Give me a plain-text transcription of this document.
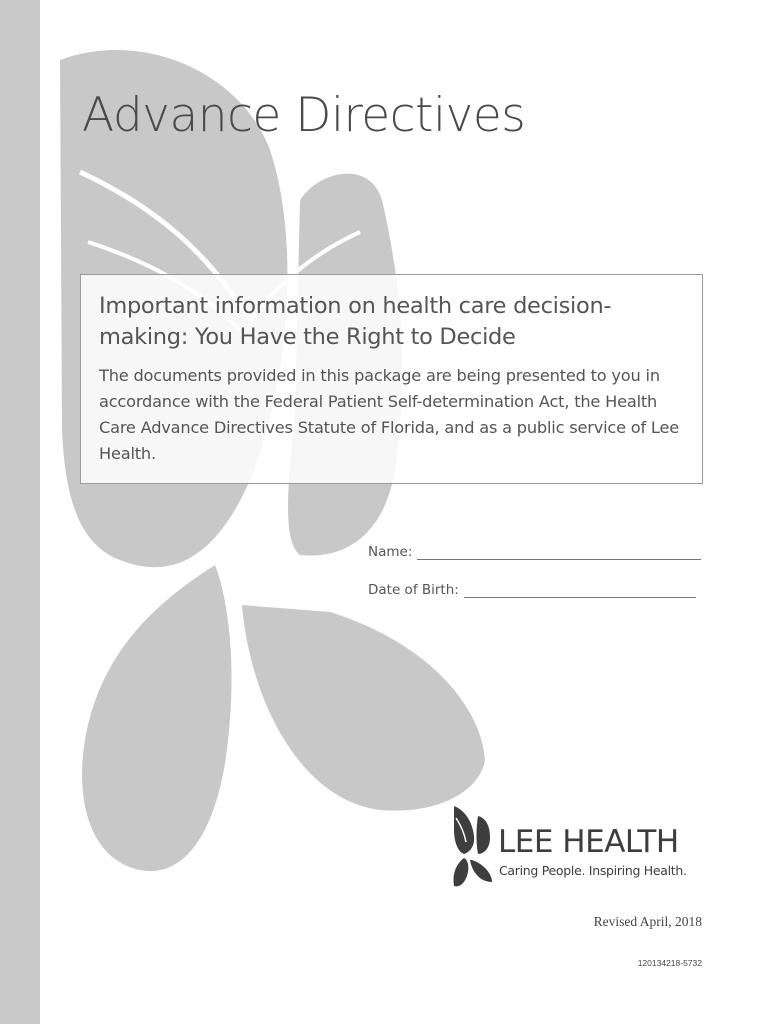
Advance Directives
Important information on health care decision-making: You Have the Right to Decide

The documents provided in this package are being presented to you in accordance with the Federal Patient Self-determination Act, the Health Care Advance Directives Statute of Florida, and as a public service of Lee Health.

Name:
Date of Birth:
LEE HEALTH
Caring People. Inspiring Health.
Revised April, 2018
120134218-5732
